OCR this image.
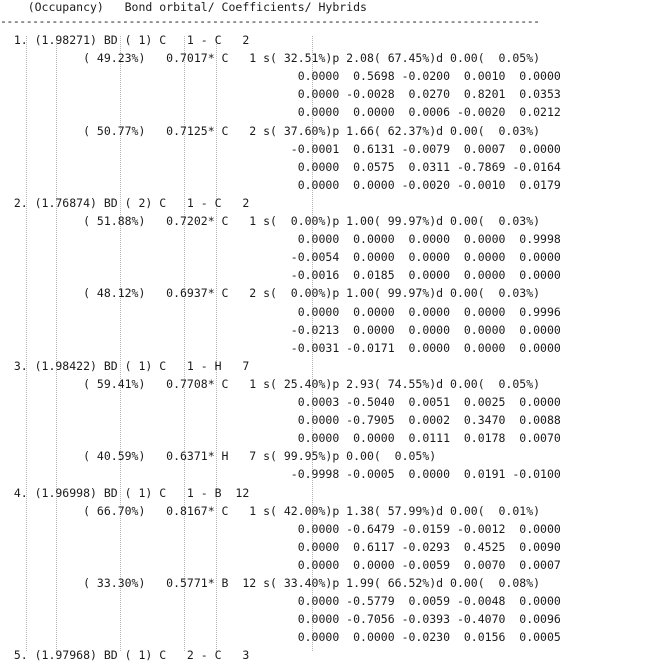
(Occupancy)   Bond orbital/ Coefficients/ Hybrids
------------------------------------------------------------------------------------
1. (1.98271) BD ( 1) C   1 - C   2
( 49.23%)   0.7017* C   1 s( 32.51%)p 2.08( 67.45%)d 0.00(  0.05%)
0.0000  0.5698 -0.0200  0.0010  0.0000
0.0000 -0.0028  0.0270  0.8201  0.0353
0.0000  0.0000  0.0006 -0.0020  0.0212
( 50.77%)   0.7125* C   2 s( 37.60%)p 1.66( 62.37%)d 0.00(  0.03%)
-0.0001  0.6131 -0.0079  0.0007  0.0000
0.0000  0.0575  0.0311 -0.7869 -0.0164
0.0000  0.0000 -0.0020 -0.0010  0.0179
2. (1.76874) BD ( 2) C   1 - C   2
( 51.88%)   0.7202* C   1 s(  0.00%)p 1.00( 99.97%)d 0.00(  0.03%)
0.0000  0.0000  0.0000  0.0000  0.9998
-0.0054  0.0000  0.0000  0.0000  0.0000
-0.0016  0.0185  0.0000  0.0000  0.0000
( 48.12%)   0.6937* C   2 s(  0.00%)p 1.00( 99.97%)d 0.00(  0.03%)
0.0000  0.0000  0.0000  0.0000  0.9996
-0.0213  0.0000  0.0000  0.0000  0.0000
-0.0031 -0.0171  0.0000  0.0000  0.0000
3. (1.98422) BD ( 1) C   1 - H   7
( 59.41%)   0.7708* C   1 s( 25.40%)p 2.93( 74.55%)d 0.00(  0.05%)
0.0003 -0.5040  0.0051  0.0025  0.0000
0.0000 -0.7905  0.0002  0.3470  0.0088
0.0000  0.0000  0.0111  0.0178  0.0070
( 40.59%)   0.6371* H   7 s( 99.95%)p 0.00(  0.05%)
-0.9998 -0.0005  0.0000  0.0191 -0.0100
4. (1.96998) BD ( 1) C   1 - B  12
( 66.70%)   0.8167* C   1 s( 42.00%)p 1.38( 57.99%)d 0.00(  0.01%)
0.0000 -0.6479 -0.0159 -0.0012  0.0000
0.0000  0.6117 -0.0293  0.4525  0.0090
0.0000  0.0000 -0.0059  0.0070  0.0007
( 33.30%)   0.5771* B  12 s( 33.40%)p 1.99( 66.52%)d 0.00(  0.08%)
0.0000 -0.5779  0.0059 -0.0048  0.0000
0.0000 -0.7056 -0.0393 -0.4070  0.0096
0.0000  0.0000 -0.0230  0.0156  0.0005
5. (1.97968) BD ( 1) C   2 - C   3
